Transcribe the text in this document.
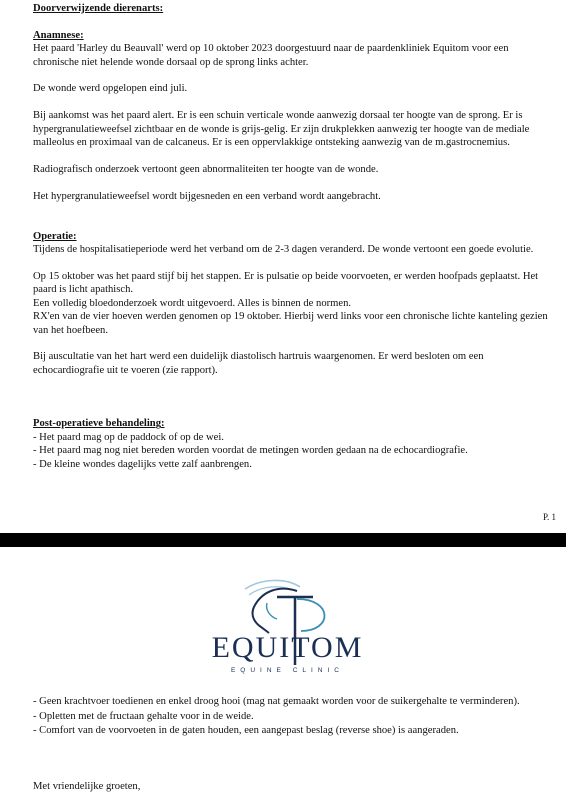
Doorverwijzende dierenarts:

Anamnese:

Het paard 'Harley du Beauvall' werd op 10 oktober 2023 doorgestuurd naar de paardenkliniek Equitom voor een chronische niet helende wonde dorsaal op de sprong links achter.

De wonde werd opgelopen eind juli.

Bij aankomst was het paard alert. Er is een schuin verticale wonde aanwezig dorsaal ter hoogte van de sprong. Er is hypergranulatieweefsel zichtbaar en de wonde is grijs-gelig. Er zijn drukplekken aanwezig ter hoogte van de mediale malleolus en proximaal van de calcaneus. Er is een oppervlakkige ontsteking aanwezig van de m.gastrocnemius.

Radiografisch onderzoek vertoont geen abnormaliteiten ter hoogte van de wonde.

Het hypergranulatieweefsel wordt bijgesneden en een verband wordt aangebracht.

Operatie:

Tijdens de hospitalisatieperiode werd het verband om de 2-3 dagen veranderd. De wonde vertoont een goede evolutie.

Op 15 oktober was het paard stijf bij het stappen. Er is pulsatie op beide voorvoeten, er werden hoofpads geplaatst. Het paard is licht apathisch.

Een volledig bloedonderzoek wordt uitgevoerd. Alles is binnen de normen.

RX'en van de vier hoeven werden genomen op 19 oktober. Hierbij werd links voor een chronische lichte kanteling gezien van het hoefbeen.

Bij auscultatie van het hart werd een duidelijk diastolisch hartruis waargenomen. Er werd besloten om een echocardiografie uit te voeren (zie rapport).

Post-operatieve behandeling:

- Het paard mag op de paddock of op de wei.

- Het paard mag nog niet bereden worden voordat de metingen worden gedaan na de echocardiografie.

- De kleine wondes dagelijks vette zalf aanbrengen.

P. 1
EQUITOM
EQUINE CLINIC

- Geen krachtvoer toedienen en enkel droog hooi (mag nat gemaakt worden voor de suikergehalte te verminderen).

- Opletten met de fructaan gehalte voor in de weide.

- Comfort van de voorvoeten in de gaten houden, een aangepast beslag (reverse shoe) is aangeraden.

Met vriendelijke groeten,
